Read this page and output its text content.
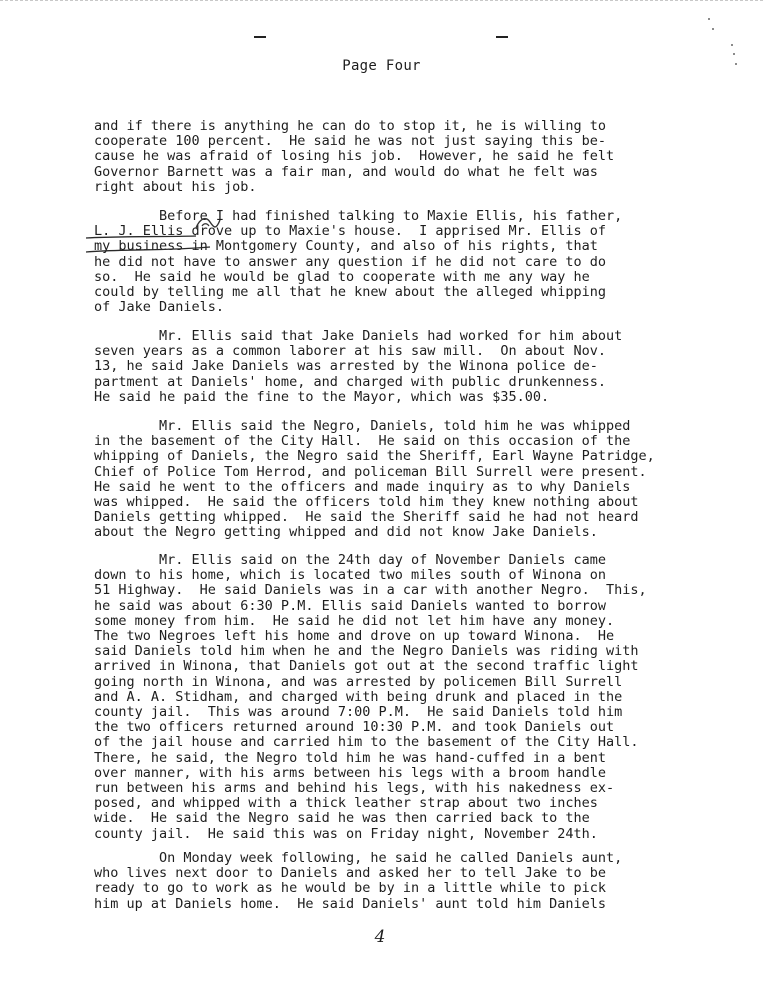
Page Four
and if there is anything he can do to stop it, he is willing to
cooperate 100 percent.  He said he was not just saying this be-
cause he was afraid of losing his job.  However, he said he felt
Governor Barnett was a fair man, and would do what he felt was
right about his job.
Before I had finished talking to Maxie Ellis, his father,
L. J. Ellis drove up to Maxie's house.  I apprised Mr. Ellis of
my business in Montgomery County, and also of his rights, that
he did not have to answer any question if he did not care to do
so.  He said he would be glad to cooperate with me any way he
could by telling me all that he knew about the alleged whipping
of Jake Daniels.
Mr. Ellis said that Jake Daniels had worked for him about
seven years as a common laborer at his saw mill.  On about Nov.
13, he said Jake Daniels was arrested by the Winona police de-
partment at Daniels' home, and charged with public drunkenness.
He said he paid the fine to the Mayor, which was $35.00.
Mr. Ellis said the Negro, Daniels, told him he was whipped
in the basement of the City Hall.  He said on this occasion of the
whipping of Daniels, the Negro said the Sheriff, Earl Wayne Patridge,
Chief of Police Tom Herrod, and policeman Bill Surrell were present.
He said he went to the officers and made inquiry as to why Daniels
was whipped.  He said the officers told him they knew nothing about
Daniels getting whipped.  He said the Sheriff said he had not heard
about the Negro getting whipped and did not know Jake Daniels.
Mr. Ellis said on the 24th day of November Daniels came
down to his home, which is located two miles south of Winona on
51 Highway.  He said Daniels was in a car with another Negro.  This,
he said was about 6:30 P.M. Ellis said Daniels wanted to borrow
some money from him.  He said he did not let him have any money.
The two Negroes left his home and drove on up toward Winona.  He
said Daniels told him when he and the Negro Daniels was riding with
arrived in Winona, that Daniels got out at the second traffic light
going north in Winona, and was arrested by policemen Bill Surrell
and A. A. Stidham, and charged with being drunk and placed in the
county jail.  This was around 7:00 P.M.  He said Daniels told him
the two officers returned around 10:30 P.M. and took Daniels out
of the jail house and carried him to the basement of the City Hall.
There, he said, the Negro told him he was hand-cuffed in a bent
over manner, with his arms between his legs with a broom handle
run between his arms and behind his legs, with his nakedness ex-
posed, and whipped with a thick leather strap about two inches
wide.  He said the Negro said he was then carried back to the
county jail.  He said this was on Friday night, November 24th.
On Monday week following, he said he called Daniels aunt,
who lives next door to Daniels and asked her to tell Jake to be
ready to go to work as he would be by in a little while to pick
him up at Daniels home.  He said Daniels' aunt told him Daniels
4
